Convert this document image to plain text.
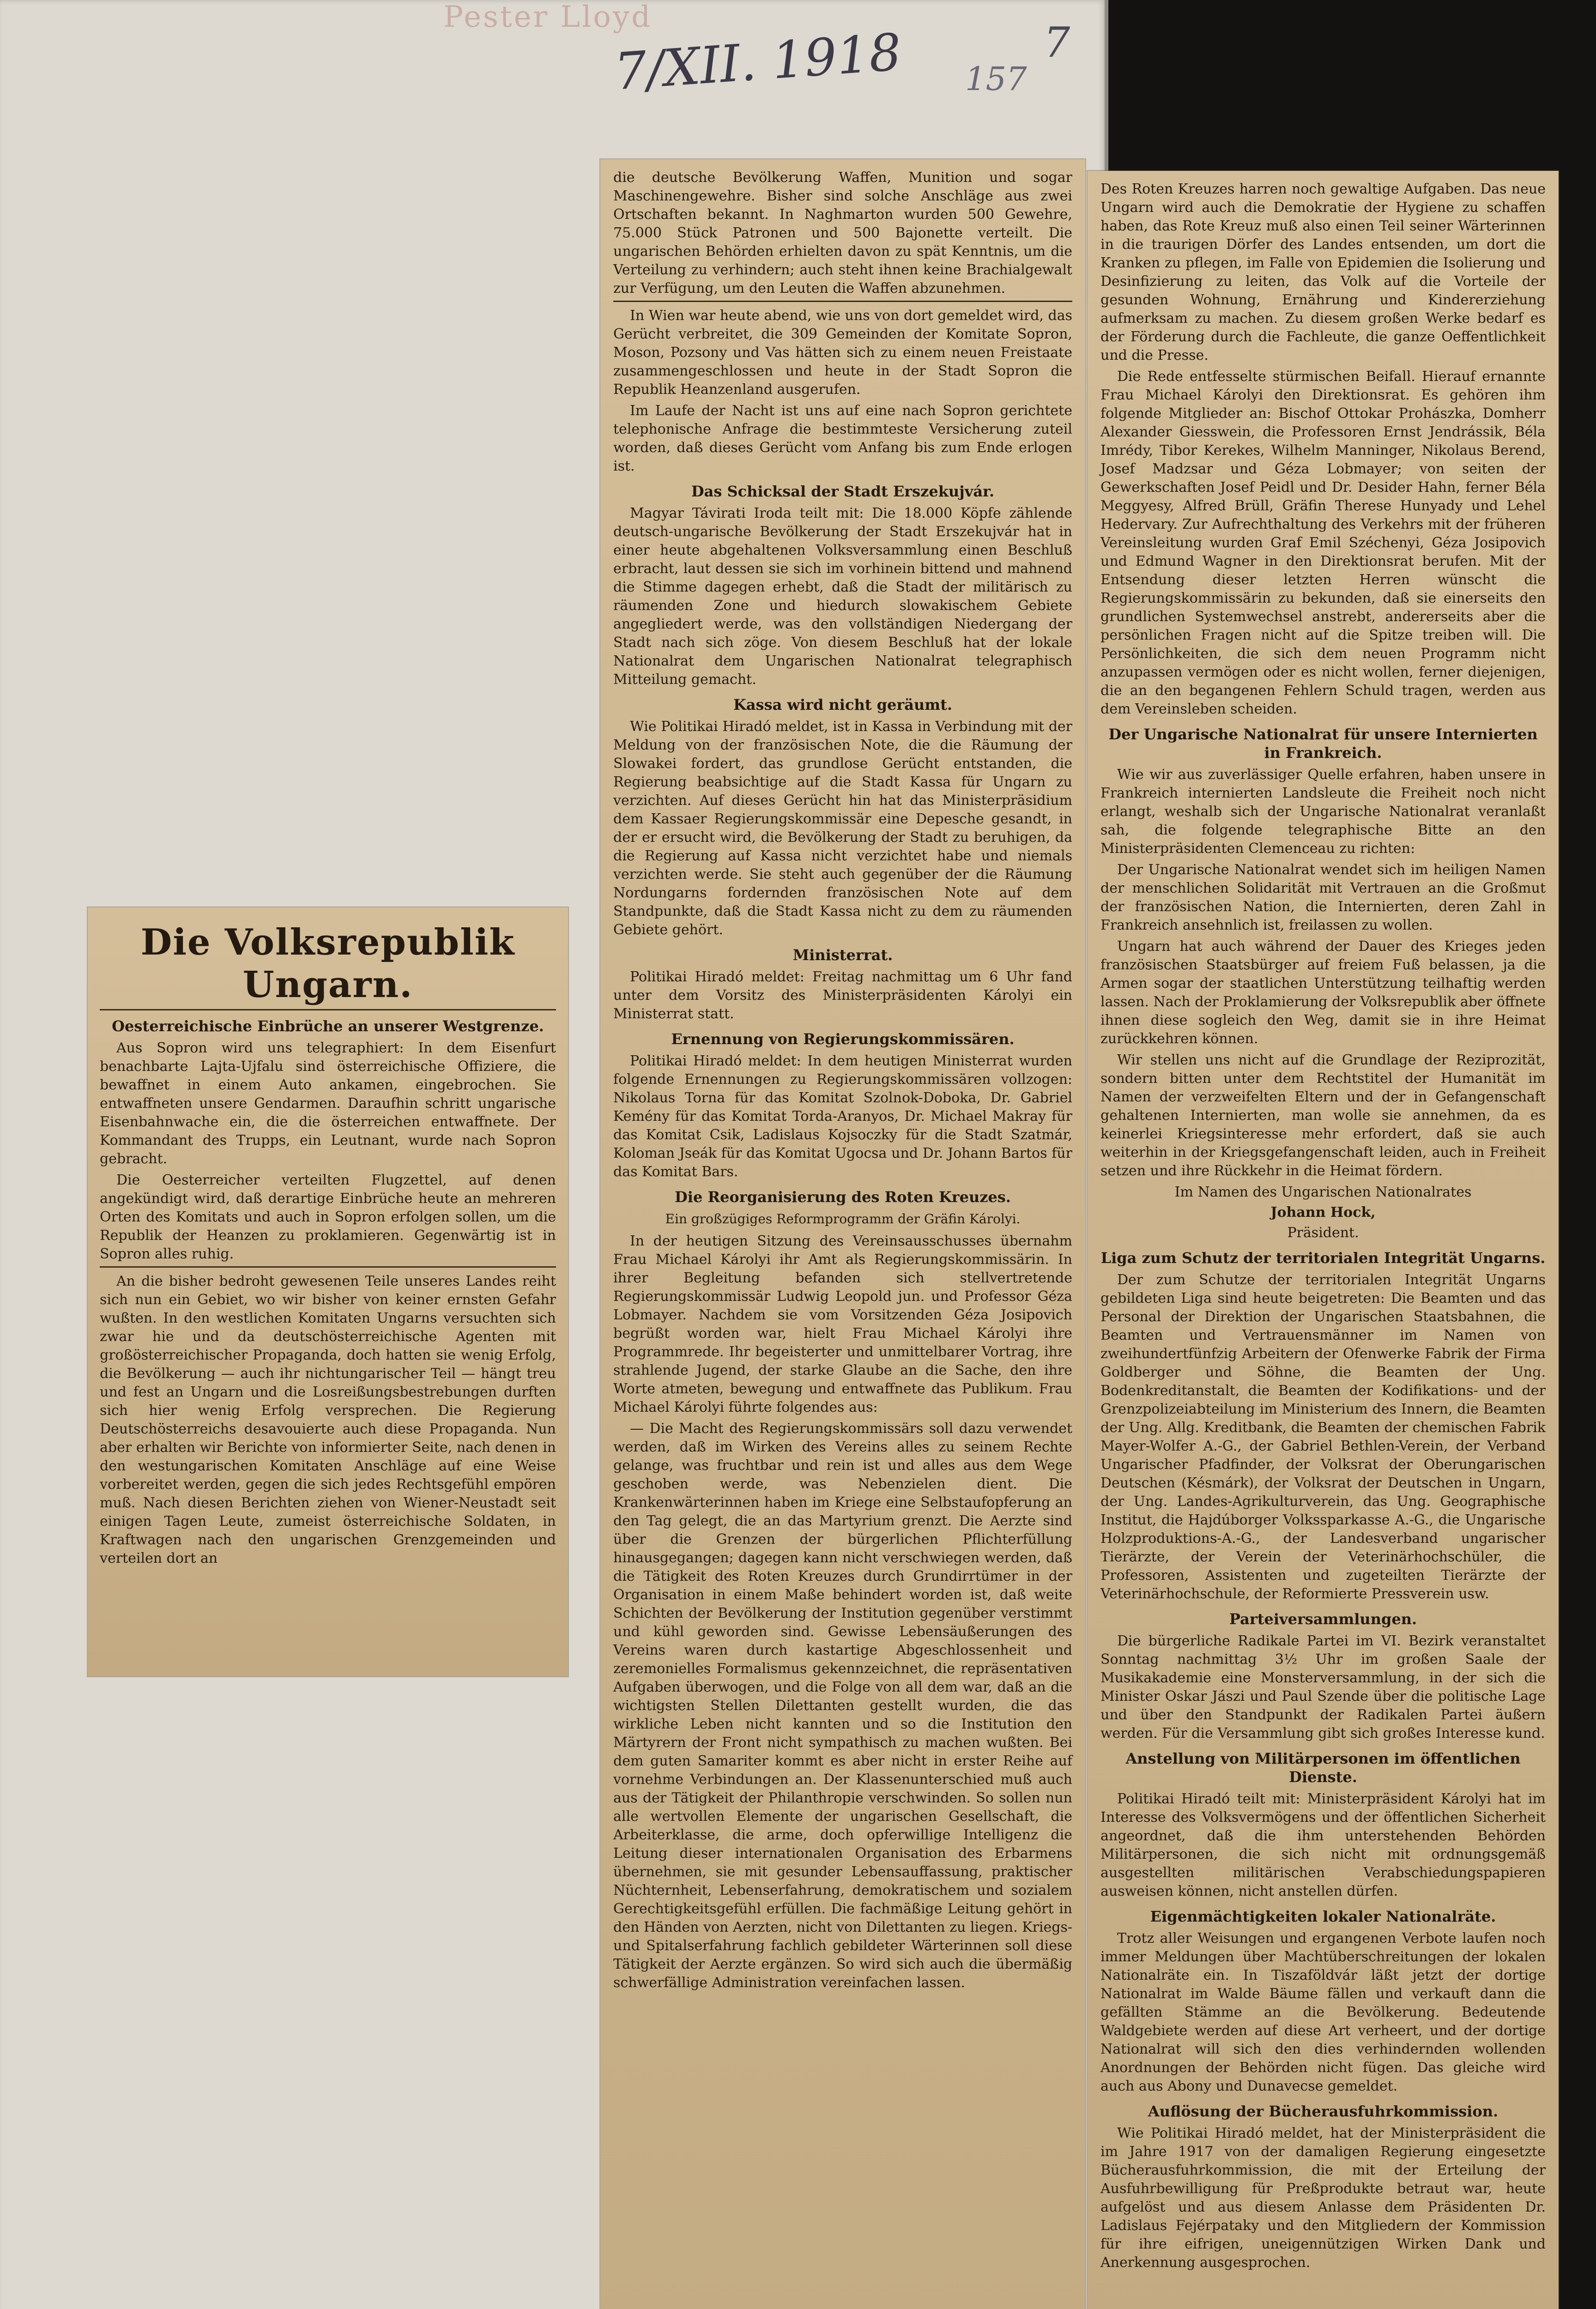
Pester Lloyd
7/XII. 1918 157
7
Die Volksrepublik Ungarn.
Oesterreichische Einbrüche an unserer Westgrenze.

Aus Sopron wird uns telegraphiert: In dem Eisenfurt benachbarte Lajta-Ujfalu sind österreichische Offiziere, die bewaffnet in einem Auto ankamen, eingebrochen. Sie entwaffneten unsere Gendarmen. Daraufhin schritt ungarische Eisenbahnwache ein, die die österreichen entwaffnete. Der Kommandant des Trupps, ein Leutnant, wurde nach Sopron gebracht.

Die Oesterreicher verteilten Flugzettel, auf denen angekündigt wird, daß derartige Einbrüche heute an mehreren Orten des Komitats und auch in Sopron erfolgen sollen, um die Republik der Heanzen zu proklamieren. Gegenwärtig ist in Sopron alles ruhig.

An die bisher bedroht gewesenen Teile unseres Landes reiht sich nun ein Gebiet, wo wir bisher von keiner ernsten Gefahr wußten. In den westlichen Komitaten Ungarns versuchten sich zwar hie und da deutschösterreichische Agenten mit großösterreichischer Propaganda, doch hatten sie wenig Erfolg, die Bevölkerung — auch ihr nichtungarischer Teil — hängt treu und fest an Ungarn und die Losreißungsbestrebungen durften sich hier wenig Erfolg versprechen. Die Regierung Deutschösterreichs desavouierte auch diese Propaganda. Nun aber erhalten wir Berichte von informierter Seite, nach denen in den westungarischen Komitaten Anschläge auf eine Weise vorbereitet werden, gegen die sich jedes Rechtsgefühl empören muß. Nach diesen Berichten ziehen von Wiener-Neustadt seit einigen Tagen Leute, zumeist österreichische Soldaten, in Kraftwagen nach den ungarischen Grenzgemeinden und verteilen dort an

die deutsche Bevölkerung Waffen, Munition und sogar Maschinengewehre. Bisher sind solche Anschläge aus zwei Ortschaften bekannt. In Naghmarton wurden 500 Gewehre, 75.000 Stück Patronen und 500 Bajonette verteilt. Die ungarischen Behörden erhielten davon zu spät Kenntnis, um die Verteilung zu verhindern; auch steht ihnen keine Brachialgewalt zur Verfügung, um den Leuten die Waffen abzunehmen.

In Wien war heute abend, wie uns von dort gemeldet wird, das Gerücht verbreitet, die 309 Gemeinden der Komitate Sopron, Moson, Pozsony und Vas hätten sich zu einem neuen Freistaate zusammengeschlossen und heute in der Stadt Sopron die Republik Heanzenland ausgerufen.

Im Laufe der Nacht ist uns auf eine nach Sopron gerichtete telephonische Anfrage die bestimmteste Versicherung zuteil worden, daß dieses Gerücht vom Anfang bis zum Ende erlogen ist.

Das Schicksal der Stadt Erszekujvár.

Magyar Távirati Iroda teilt mit: Die 18.000 Köpfe zählende deutsch-ungarische Bevölkerung der Stadt Erszekujvár hat in einer heute abgehaltenen Volksversammlung einen Beschluß erbracht, laut dessen sie sich im vorhinein bittend und mahnend die Stimme dagegen erhebt, daß die Stadt der militärisch zu räumenden Zone und hiedurch slowakischem Gebiete angegliedert werde, was den vollständigen Niedergang der Stadt nach sich zöge. Von diesem Beschluß hat der lokale Nationalrat dem Ungarischen Nationalrat telegraphisch Mitteilung gemacht.

Kassa wird nicht geräumt.

Wie Politikai Hiradó meldet, ist in Kassa in Verbindung mit der Meldung von der französischen Note, die die Räumung der Slowakei fordert, das grundlose Gerücht entstanden, die Regierung beabsichtige auf die Stadt Kassa für Ungarn zu verzichten. Auf dieses Gerücht hin hat das Ministerpräsidium dem Kassaer Regierungskommissär eine Depesche gesandt, in der er ersucht wird, die Bevölkerung der Stadt zu beruhigen, da die Regierung auf Kassa nicht verzichtet habe und niemals verzichten werde. Sie steht auch gegenüber der die Räumung Nordungarns fordernden französischen Note auf dem Standpunkte, daß die Stadt Kassa nicht zu dem zu räumenden Gebiete gehört.

Ministerrat.

Politikai Hiradó meldet: Freitag nachmittag um 6 Uhr fand unter dem Vorsitz des Ministerpräsidenten Károlyi ein Ministerrat statt.

Ernennung von Regierungskommissären.

Politikai Hiradó meldet: In dem heutigen Ministerrat wurden folgende Ernennungen zu Regierungskommissären vollzogen: Nikolaus Torna für das Komitat Szolnok-Doboka, Dr. Gabriel Kemény für das Komitat Torda-Aranyos, Dr. Michael Makray für das Komitat Csik, Ladislaus Kojsoczky für die Stadt Szatmár, Koloman Jseák für das Komitat Ugocsa und Dr. Johann Bartos für das Komitat Bars.

Die Reorganisierung des Roten Kreuzes.
Ein großzügiges Reformprogramm der Gräfin Károlyi.

In der heutigen Sitzung des Vereinsausschusses übernahm Frau Michael Károlyi ihr Amt als Regierungskommissärin. In ihrer Begleitung befanden sich stellvertretende Regierungskommissär Ludwig Leopold jun. und Professor Géza Lobmayer. Nachdem sie vom Vorsitzenden Géza Josipovich begrüßt worden war, hielt Frau Michael Károlyi ihre Programmrede. Ihr begeisterter und unmittelbarer Vortrag, ihre strahlende Jugend, der starke Glaube an die Sache, den ihre Worte atmeten, bewegung und entwaffnete das Publikum. Frau Michael Károlyi führte folgendes aus:

— Die Macht des Regierungskommissärs soll dazu verwendet werden, daß im Wirken des Vereins alles zu seinem Rechte gelange, was fruchtbar und rein ist und alles aus dem Wege geschoben werde, was Nebenzielen dient. Die Krankenwärterinnen haben im Kriege eine Selbstaufopferung an den Tag gelegt, die an das Martyrium grenzt. Die Aerzte sind über die Grenzen der bürgerlichen Pflichterfüllung hinausgegangen; dagegen kann nicht verschwiegen werden, daß die Tätigkeit des Roten Kreuzes durch Grundirrtümer in der Organisation in einem Maße behindert worden ist, daß weite Schichten der Bevölkerung der Institution gegenüber verstimmt und kühl geworden sind. Gewisse Lebensäußerungen des Vereins waren durch kastartige Abgeschlossenheit und zeremonielles Formalismus gekennzeichnet, die repräsentativen Aufgaben überwogen, und die Folge von all dem war, daß an die wichtigsten Stellen Dilettanten gestellt wurden, die das wirkliche Leben nicht kannten und so die Institution den Märtyrern der Front nicht sympathisch zu machen wußten. Bei dem guten Samariter kommt es aber nicht in erster Reihe auf vornehme Verbindungen an. Der Klassenunterschied muß auch aus der Tätigkeit der Philanthropie verschwinden. So sollen nun alle wertvollen Elemente der ungarischen Gesellschaft, die Arbeiterklasse, die arme, doch opferwillige Intelligenz die Leitung dieser internationalen Organisation des Erbarmens übernehmen, sie mit gesunder Lebensauffassung, praktischer Nüchternheit, Lebenserfahrung, demokratischem und sozialem Gerechtigkeitsgefühl erfüllen. Die fachmäßige Leitung gehört in den Händen von Aerzten, nicht von Dilettanten zu liegen. Kriegs- und Spitalserfahrung fachlich gebildeter Wärterinnen soll diese Tätigkeit der Aerzte ergänzen. So wird sich auch die übermäßig schwerfällige Administration vereinfachen lassen.

Des Roten Kreuzes harren noch gewaltige Aufgaben. Das neue Ungarn wird auch die Demokratie der Hygiene zu schaffen haben, das Rote Kreuz muß also einen Teil seiner Wärterinnen in die traurigen Dörfer des Landes entsenden, um dort die Kranken zu pflegen, im Falle von Epidemien die Isolierung und Desinfizierung zu leiten, das Volk auf die Vorteile der gesunden Wohnung, Ernährung und Kindererziehung aufmerksam zu machen. Zu diesem großen Werke bedarf es der Förderung durch die Fachleute, die ganze Oeffentlichkeit und die Presse.

Die Rede entfesselte stürmischen Beifall. Hierauf ernannte Frau Michael Károlyi den Direktionsrat. Es gehören ihm folgende Mitglieder an: Bischof Ottokar Prohászka, Domherr Alexander Giesswein, die Professoren Ernst Jendrássik, Béla Imrédy, Tibor Kerekes, Wilhelm Manninger, Nikolaus Berend, Josef Madzsar und Géza Lobmayer; von seiten der Gewerkschaften Josef Peidl und Dr. Desider Hahn, ferner Béla Meggyesy, Alfred Brüll, Gräfin Therese Hunyady und Lehel Hedervary. Zur Aufrechthaltung des Verkehrs mit der früheren Vereinsleitung wurden Graf Emil Széchenyi, Géza Josipovich und Edmund Wagner in den Direktionsrat berufen. Mit der Entsendung dieser letzten Herren wünscht die Regierungskommissärin zu bekunden, daß sie einerseits den grundlichen Systemwechsel anstrebt, andererseits aber die persönlichen Fragen nicht auf die Spitze treiben will. Die Persönlichkeiten, die sich dem neuen Programm nicht anzupassen vermögen oder es nicht wollen, ferner diejenigen, die an den begangenen Fehlern Schuld tragen, werden aus dem Vereinsleben scheiden.

Der Ungarische Nationalrat für unsere Internierten in Frankreich.

Wie wir aus zuverlässiger Quelle erfahren, haben unsere in Frankreich internierten Landsleute die Freiheit noch nicht erlangt, weshalb sich der Ungarische Nationalrat veranlaßt sah, die folgende telegraphische Bitte an den Ministerpräsidenten Clemenceau zu richten:

Der Ungarische Nationalrat wendet sich im heiligen Namen der menschlichen Solidarität mit Vertrauen an die Großmut der französischen Nation, die Internierten, deren Zahl in Frankreich ansehnlich ist, freilassen zu wollen.

Ungarn hat auch während der Dauer des Krieges jeden französischen Staatsbürger auf freiem Fuß belassen, ja die Armen sogar der staatlichen Unterstützung teilhaftig werden lassen. Nach der Proklamierung der Volksrepublik aber öffnete ihnen diese sogleich den Weg, damit sie in ihre Heimat zurückkehren können.

Wir stellen uns nicht auf die Grundlage der Reziprozität, sondern bitten unter dem Rechtstitel der Humanität im Namen der verzweifelten Eltern und der in Gefangenschaft gehaltenen Internierten, man wolle sie annehmen, da es keinerlei Kriegsinteresse mehr erfordert, daß sie auch weiterhin in der Kriegsgefangenschaft leiden, auch in Freiheit setzen und ihre Rückkehr in die Heimat fördern.

Im Namen des Ungarischen Nationalrates
Johann Hock,
Präsident.
Liga zum Schutz der territorialen Integrität Ungarns.

Der zum Schutze der territorialen Integrität Ungarns gebildeten Liga sind heute beigetreten: Die Beamten und das Personal der Direktion der Ungarischen Staatsbahnen, die Beamten und Vertrauensmänner im Namen von zweihundertfünfzig Arbeitern der Ofenwerke Fabrik der Firma Goldberger und Söhne, die Beamten der Ung. Bodenkreditanstalt, die Beamten der Kodifikations- und der Grenzpolizeiabteilung im Ministerium des Innern, die Beamten der Ung. Allg. Kreditbank, die Beamten der chemischen Fabrik Mayer-Wolfer A.-G., der Gabriel Bethlen-Verein, der Verband Ungarischer Pfadfinder, der Volksrat der Oberungarischen Deutschen (Késmárk), der Volksrat der Deutschen in Ungarn, der Ung. Landes-Agrikulturverein, das Ung. Geographische Institut, die Hajdúborger Volkssparkasse A.-G., die Ungarische Holzproduktions-A.-G., der Landesverband ungarischer Tierärzte, der Verein der Veterinärhochschüler, die Professoren, Assistenten und zugeteilten Tierärzte der Veterinärhochschule, der Reformierte Pressverein usw.

Parteiversammlungen.

Die bürgerliche Radikale Partei im VI. Bezirk veranstaltet Sonntag nachmittag 3½ Uhr im großen Saale der Musikakademie eine Monsterversammlung, in der sich die Minister Oskar Jászi und Paul Szende über die politische Lage und über den Standpunkt der Radikalen Partei äußern werden. Für die Versammlung gibt sich großes Interesse kund.

Anstellung von Militärpersonen im öffentlichen Dienste.

Politikai Hiradó teilt mit: Ministerpräsident Károlyi hat im Interesse des Volksvermögens und der öffentlichen Sicherheit angeordnet, daß die ihm unterstehenden Behörden Militärpersonen, die sich nicht mit ordnungsgemäß ausgestellten militärischen Verabschiedungspapieren ausweisen können, nicht anstellen dürfen.

Eigenmächtigkeiten lokaler Nationalräte.

Trotz aller Weisungen und ergangenen Verbote laufen noch immer Meldungen über Machtüberschreitungen der lokalen Nationalräte ein. In Tiszaföldvár läßt jetzt der dortige Nationalrat im Walde Bäume fällen und verkauft dann die gefällten Stämme an die Bevölkerung. Bedeutende Waldgebiete werden auf diese Art verheert, und der dortige Nationalrat will sich den dies verhindernden wollenden Anordnungen der Behörden nicht fügen. Das gleiche wird auch aus Abony und Dunavecse gemeldet.

Auflösung der Bücherausfuhrkommission.

Wie Politikai Hiradó meldet, hat der Ministerpräsident die im Jahre 1917 von der damaligen Regierung eingesetzte Bücherausfuhrkommission, die mit der Erteilung der Ausfuhrbewilligung für Preßprodukte betraut war, heute aufgelöst und aus diesem Anlasse dem Präsidenten Dr. Ladislaus Fejérpataky und den Mitgliedern der Kommission für ihre eifrigen, uneigennützigen Wirken Dank und Anerkennung ausgesprochen.
